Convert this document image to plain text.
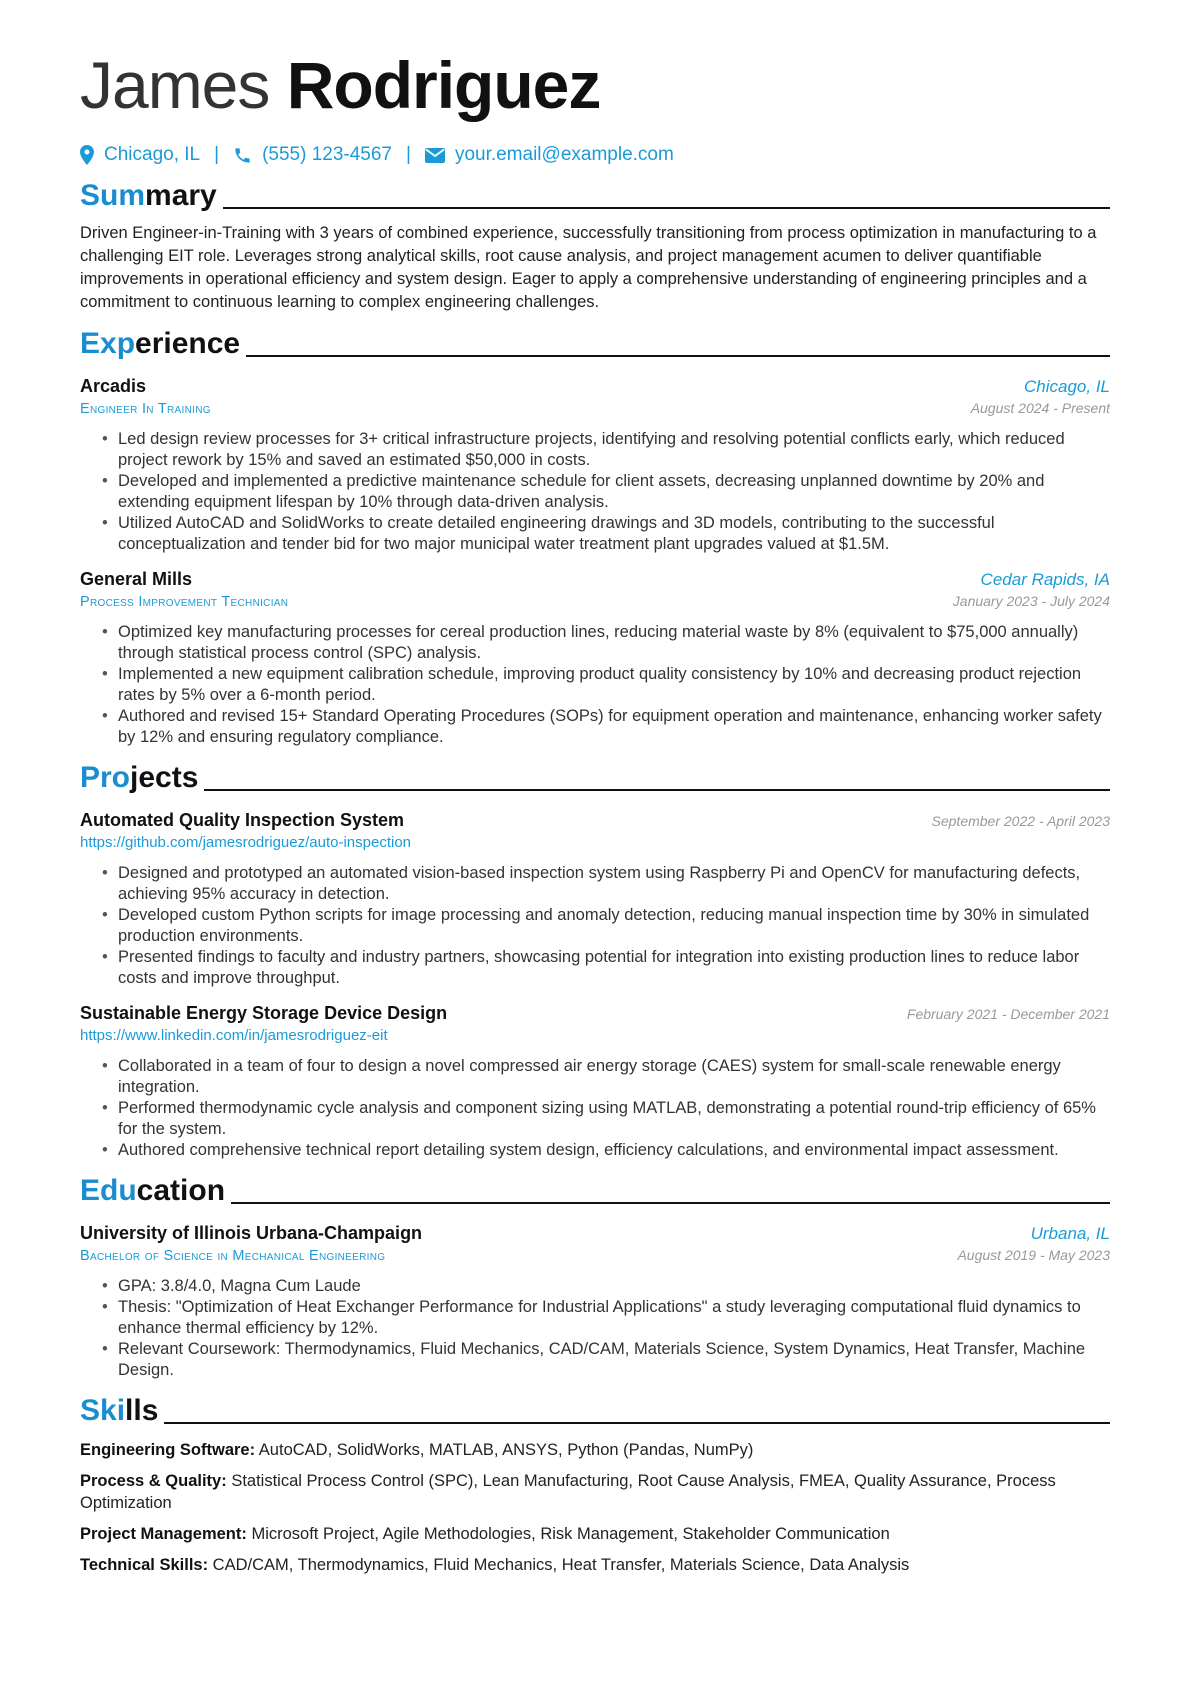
James Rodriguez
Chicago, IL | (555) 123-4567 | your.email@example.com
Summary
Driven Engineer-in-Training with 3 years of combined experience, successfully transitioning from process optimization in manufacturing to a challenging EIT role. Leverages strong analytical skills, root cause analysis, and project management acumen to deliver quantifiable improvements in operational efficiency and system design. Eager to apply a comprehensive understanding of engineering principles and a commitment to continuous learning to complex engineering challenges.
Experience
Arcadis	Chicago, IL
Engineer In Training	August 2024 - Present
• Led design review processes for 3+ critical infrastructure projects, identifying and resolving potential conflicts early, which reduced project rework by 15% and saved an estimated $50,000 in costs.
• Developed and implemented a predictive maintenance schedule for client assets, decreasing unplanned downtime by 20% and extending equipment lifespan by 10% through data-driven analysis.
• Utilized AutoCAD and SolidWorks to create detailed engineering drawings and 3D models, contributing to the successful conceptualization and tender bid for two major municipal water treatment plant upgrades valued at $1.5M.
General Mills	Cedar Rapids, IA
Process Improvement Technician	January 2023 - July 2024
• Optimized key manufacturing processes for cereal production lines, reducing material waste by 8% (equivalent to $75,000 annually) through statistical process control (SPC) analysis.
• Implemented a new equipment calibration schedule, improving product quality consistency by 10% and decreasing product rejection rates by 5% over a 6-month period.
• Authored and revised 15+ Standard Operating Procedures (SOPs) for equipment operation and maintenance, enhancing worker safety by 12% and ensuring regulatory compliance.
Projects
Automated Quality Inspection System	September 2022 - April 2023
https://github.com/jamesrodriguez/auto-inspection
• Designed and prototyped an automated vision-based inspection system using Raspberry Pi and OpenCV for manufacturing defects, achieving 95% accuracy in detection.
• Developed custom Python scripts for image processing and anomaly detection, reducing manual inspection time by 30% in simulated production environments.
• Presented findings to faculty and industry partners, showcasing potential for integration into existing production lines to reduce labor costs and improve throughput.
Sustainable Energy Storage Device Design	February 2021 - December 2021
https://www.linkedin.com/in/jamesrodriguez-eit
• Collaborated in a team of four to design a novel compressed air energy storage (CAES) system for small-scale renewable energy integration.
• Performed thermodynamic cycle analysis and component sizing using MATLAB, demonstrating a potential round-trip efficiency of 65% for the system.
• Authored comprehensive technical report detailing system design, efficiency calculations, and environmental impact assessment.
Education
University of Illinois Urbana-Champaign	Urbana, IL
Bachelor of Science in Mechanical Engineering	August 2019 - May 2023
• GPA: 3.8/4.0, Magna Cum Laude
• Thesis: "Optimization of Heat Exchanger Performance for Industrial Applications" a study leveraging computational fluid dynamics to enhance thermal efficiency by 12%.
• Relevant Coursework: Thermodynamics, Fluid Mechanics, CAD/CAM, Materials Science, System Dynamics, Heat Transfer, Machine Design.
Skills
Engineering Software: AutoCAD, SolidWorks, MATLAB, ANSYS, Python (Pandas, NumPy)
Process & Quality: Statistical Process Control (SPC), Lean Manufacturing, Root Cause Analysis, FMEA, Quality Assurance, Process Optimization
Project Management: Microsoft Project, Agile Methodologies, Risk Management, Stakeholder Communication
Technical Skills: CAD/CAM, Thermodynamics, Fluid Mechanics, Heat Transfer, Materials Science, Data Analysis
